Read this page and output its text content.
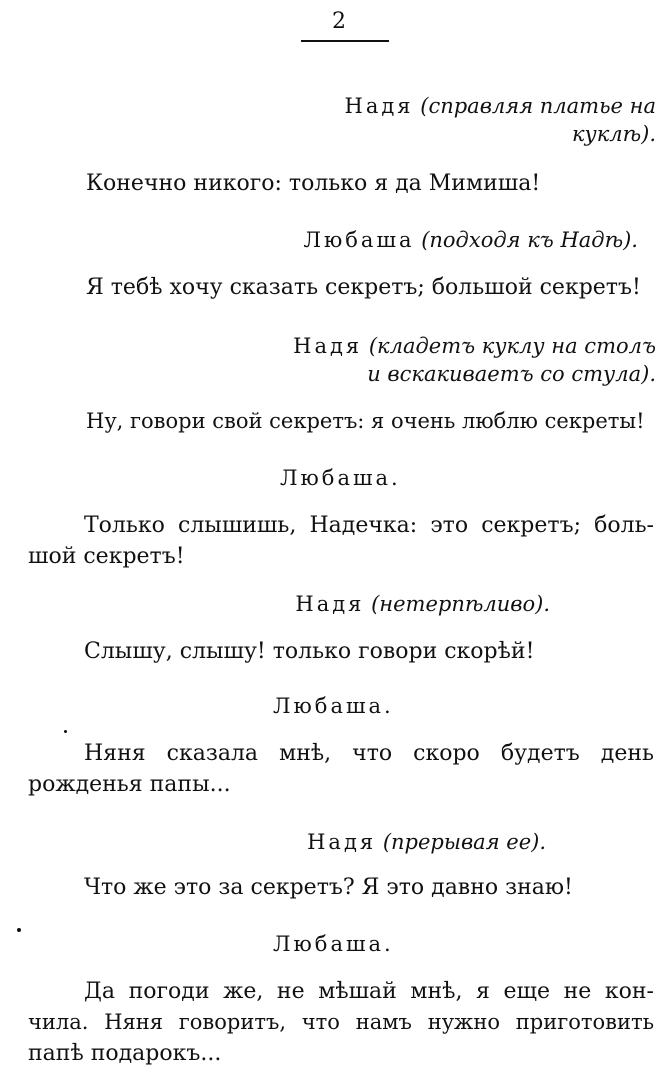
2
Надя (справляя платье на
куклѣ).
Конечно никого: только я да Мимиша!
Любаша (подходя къ Надѣ).
Я тебѣ хочу сказать секретъ; большой секретъ!
Надя (кладетъ куклу на столъ
и вскакиваетъ со стула).
Ну, говори свой секретъ: я очень люблю секреты!
Любаша.
Только слышишь, Надечка: это секретъ; боль-
шой секретъ!
Надя (нетерпѣливо).
Слышу, слышу! только говори скорѣй!
Любаша.
Няня сказала мнѣ, что скоро будетъ день
рожденья папы...
Надя (прерывая ее).
Что же это за секретъ? Я это давно знаю!
Любаша.
Да погоди же, не мѣшай мнѣ, я еще не кон-
чила. Няня говоритъ, что намъ нужно приготовить
папѣ подарокъ...
